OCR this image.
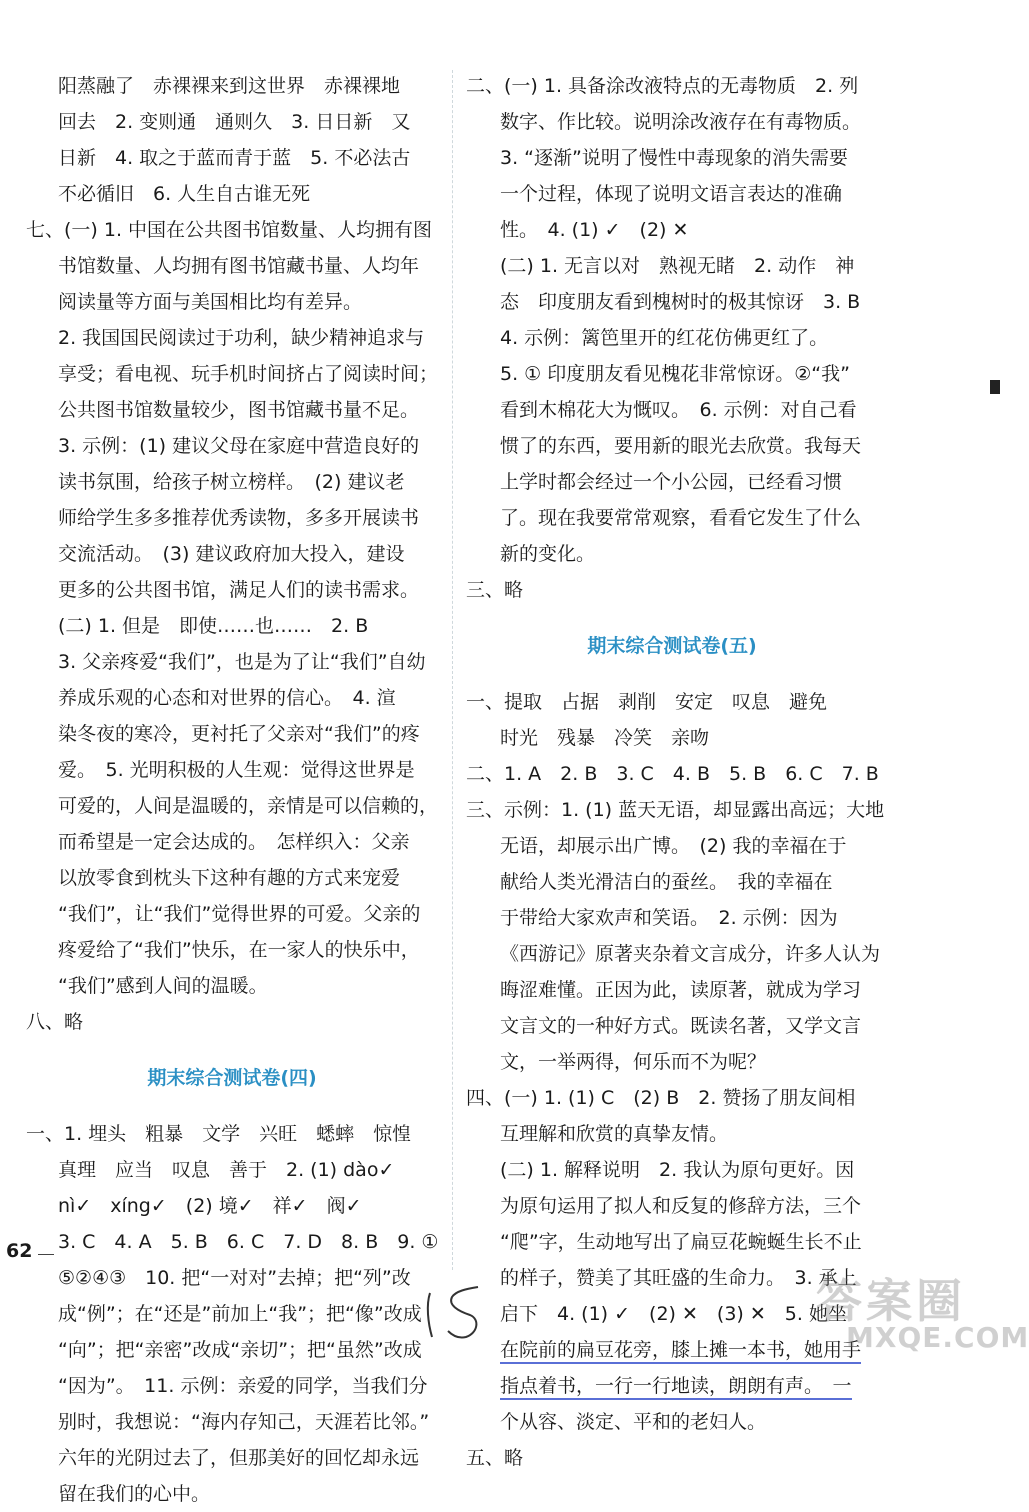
阳蒸融了　赤裸裸来到这世界　赤裸裸地
回去　2. 变则通　通则久　3. 日日新　又
日新　4. 取之于蓝而青于蓝　5. 不必法古
不必循旧　6. 人生自古谁无死
七、(一) 1. 中国在公共图书馆数量、人均拥有图
书馆数量、人均拥有图书馆藏书量、人均年
阅读量等方面与美国相比均有差异。
2. 我国国民阅读过于功利，缺少精神追求与
享受；看电视、玩手机时间挤占了阅读时间；
公共图书馆数量较少，图书馆藏书量不足。
3. 示例：(1) 建议父母在家庭中营造良好的
读书氛围，给孩子树立榜样。　(2) 建议老
师给学生多多推荐优秀读物，多多开展读书
交流活动。　(3) 建议政府加大投入，建设
更多的公共图书馆，满足人们的读书需求。
(二) 1. 但是　即使……也……　2. B
3. 父亲疼爱“我们”，也是为了让“我们”自幼
养成乐观的心态和对世界的信心。　4. 渲
染冬夜的寒冷，更衬托了父亲对“我们”的疼
爱。　5. 光明积极的人生观：觉得这世界是
可爱的，人间是温暖的，亲情是可以信赖的，
而希望是一定会达成的。　怎样织入：父亲
以放零食到枕头下这种有趣的方式来宠爱
“我们”，让“我们”觉得世界的可爱。父亲的
疼爱给了“我们”快乐，在一家人的快乐中，
“我们”感到人间的温暖。
八、略
期末综合测试卷(四)
一、1. 埋头　粗暴　文学　兴旺　蟋蟀　惊惶
真理　应当　叹息　善于　2. (1) dào✓
nì✓　xíng✓　(2) 境✓　祥✓　阀✓
3. C　4. A　5. B　6. C　7. D　8. B　9. ①
⑤②④③　10. 把“一对对”去掉；把“列”改
成“例”；在“还是”前加上“我”；把“像”改成
“向”；把“亲密”改成“亲切”；把“虽然”改成
“因为”。　11. 示例：亲爱的同学，当我们分
别时，我想说：“海内存知己，天涯若比邻。”
六年的光阴过去了，但那美好的回忆却永远
留在我们的心中。
二、(一) 1. 具备涂改液特点的无毒物质　2. 列
数字、作比较。说明涂改液存在有毒物质。
3. “逐渐”说明了慢性中毒现象的消失需要
一个过程，体现了说明文语言表达的准确
性。　4. (1) ✓　(2) ✕
(二) 1. 无言以对　熟视无睹　2. 动作　神
态　印度朋友看到槐树时的极其惊讶　3. B
4. 示例：篱笆里开的红花仿佛更红了。
5. ① 印度朋友看见槐花非常惊讶。②“我”
看到木棉花大为慨叹。　6. 示例：对自己看
惯了的东西，要用新的眼光去欣赏。我每天
上学时都会经过一个小公园，已经看习惯
了。现在我要常常观察，看看它发生了什么
新的变化。
三、略
期末综合测试卷(五)
一、提取　占据　剥削　安定　叹息　避免
时光　残暴　冷笑　亲吻
二、1. A　2. B　3. C　4. B　5. B　6. C　7. B
三、示例：1. (1) 蓝天无语，却显露出高远；大地
无语，却展示出广博。　(2) 我的幸福在于
献给人类光滑洁白的蚕丝。　我的幸福在
于带给大家欢声和笑语。　2. 示例：因为
《西游记》原著夹杂着文言成分，许多人认为
晦涩难懂。正因为此，读原著，就成为学习
文言文的一种好方式。既读名著，又学文言
文，一举两得，何乐而不为呢？
四、(一) 1. (1) C　(2) B　2. 赞扬了朋友间相
互理解和欣赏的真挚友情。
(二) 1. 解释说明　2. 我认为原句更好。因
为原句运用了拟人和反复的修辞方法，三个
“爬”字，生动地写出了扁豆花蜿蜒生长不止
的样子，赞美了其旺盛的生命力。　3. 承上
启下　4. (1) ✓　(2) ✕　(3) ✕　5. 她坐
在院前的扁豆花旁，膝上摊一本书，她用手
指点着书，一行一行地读，朗朗有声。　一
个从容、淡定、平和的老妇人。
五、略
62
答案圈
MXQE.COM
